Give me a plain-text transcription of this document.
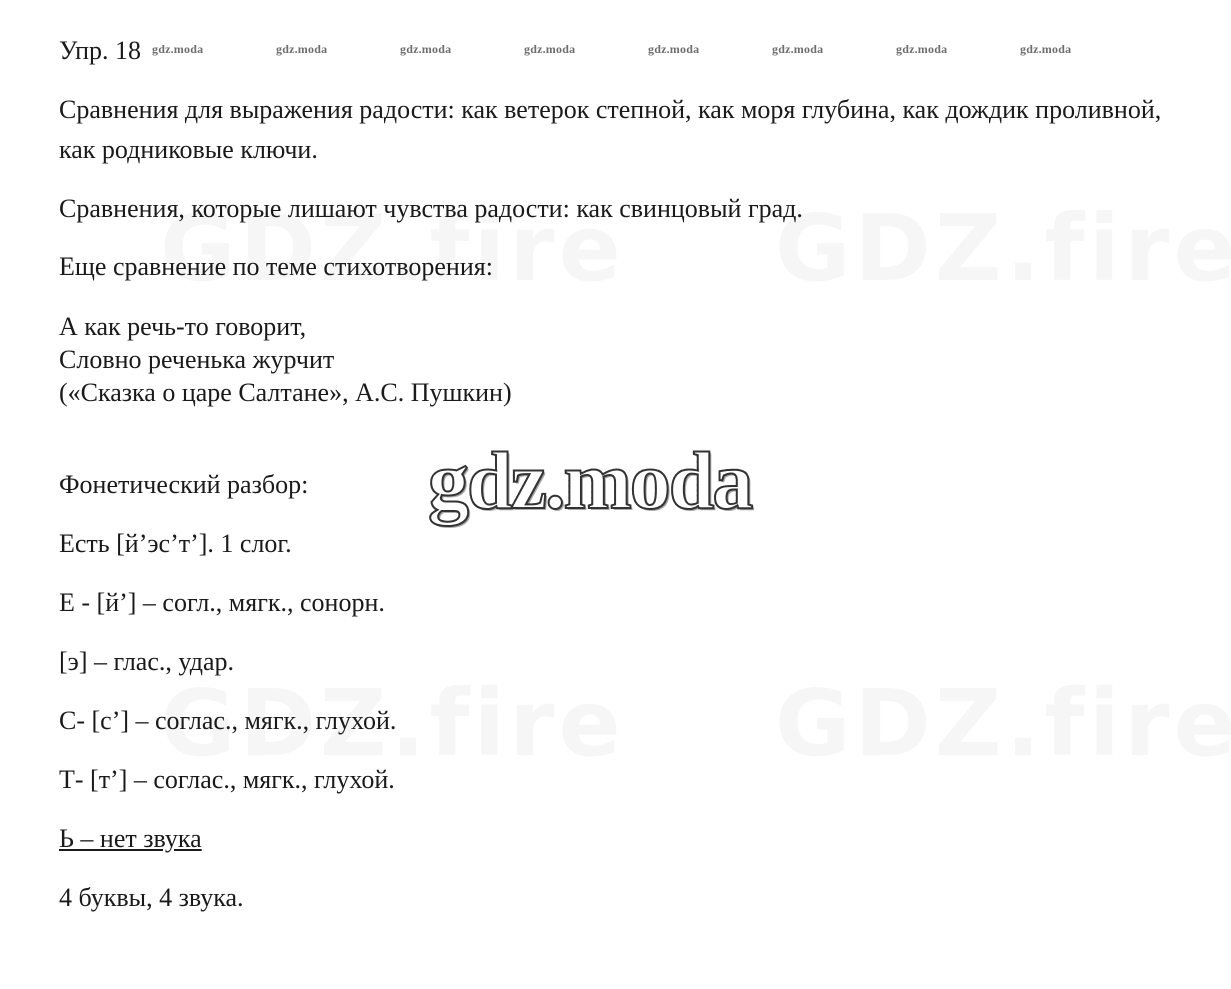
Упр. 18 gdz.moda	gdz.moda	gdz.moda	gdz.moda	gdz.moda	gdz.moda	gdz.moda	gdz.moda
Сравнения для выражения радости: как ветерок степной, как моря глубина, как дождик проливной, как родниковые ключи.
Сравнения, которые лишают чувства радости: как свинцовый град.
Еще сравнение по теме стихотворения:
А как речь-то говорит,
Словно реченька журчит
(«Сказка о царе Салтане», А.С. Пушкин)
Фонетический разбор: gdz.moda
Есть [й’эс’т’]. 1 слог.
Е - [й’] – согл., мягк., сонорн.
[э] – глас., удар.
С- [с’] – соглас., мягк., глухой.
Т- [т’] – соглас., мягк., глухой.
Ь – нет звука
4 буквы, 4 звука.
